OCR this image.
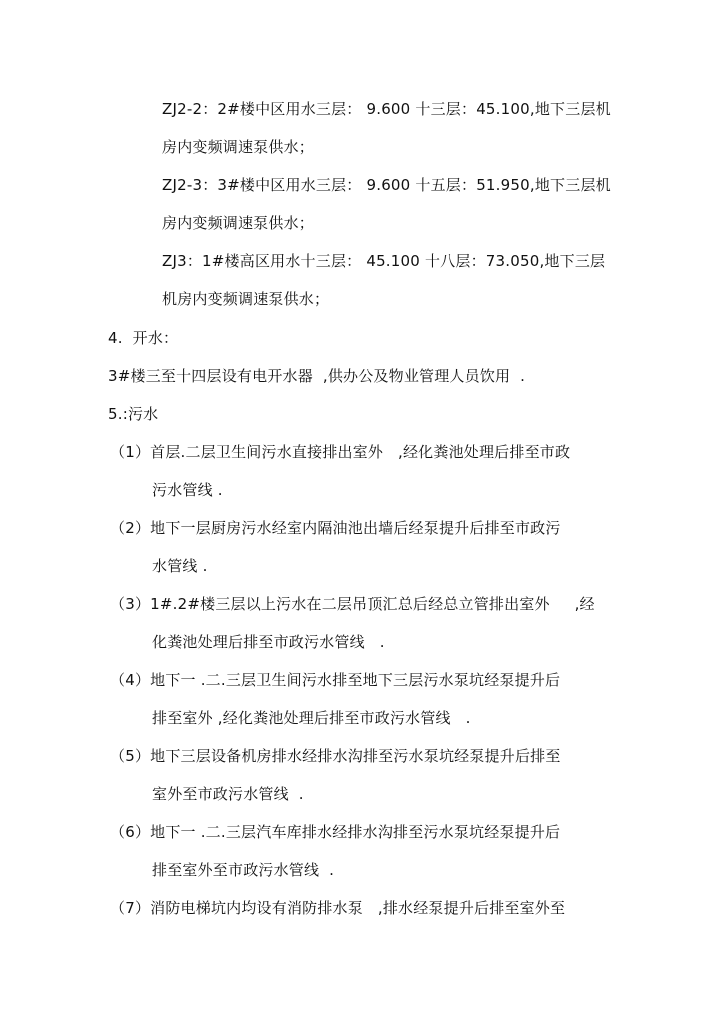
ZJ2-2：2#楼中区用水三层： 9.600 十三层：45.100,地下三层机
房内变频调速泵供水；
ZJ2-3：3#楼中区用水三层： 9.600 十五层：51.950,地下三层机
房内变频调速泵供水；
ZJ3：1#楼高区用水十三层： 45.100 十八层：73.050,地下三层
机房内变频调速泵供水；
4.  开水：
3#楼三至十四层设有电开水器  ,供办公及物业管理人员饮用  .
5.:污水
（1）首层.二层卫生间污水直接排出室外   ,经化粪池处理后排至市政
污水管线 .
（2）地下一层厨房污水经室内隔油池出墙后经泵提升后排至市政污
水管线 .
（3）1#.2#楼三层以上污水在二层吊顶汇总后经总立管排出室外     ,经
化粪池处理后排至市政污水管线   .
（4）地下一 .二.三层卫生间污水排至地下三层污水泵坑经泵提升后
排至室外 ,经化粪池处理后排至市政污水管线   .
（5）地下三层设备机房排水经排水沟排至污水泵坑经泵提升后排至
室外至市政污水管线  .
（6）地下一 .二.三层汽车库排水经排水沟排至污水泵坑经泵提升后
排至室外至市政污水管线  .
（7）消防电梯坑内均设有消防排水泵   ,排水经泵提升后排至室外至
